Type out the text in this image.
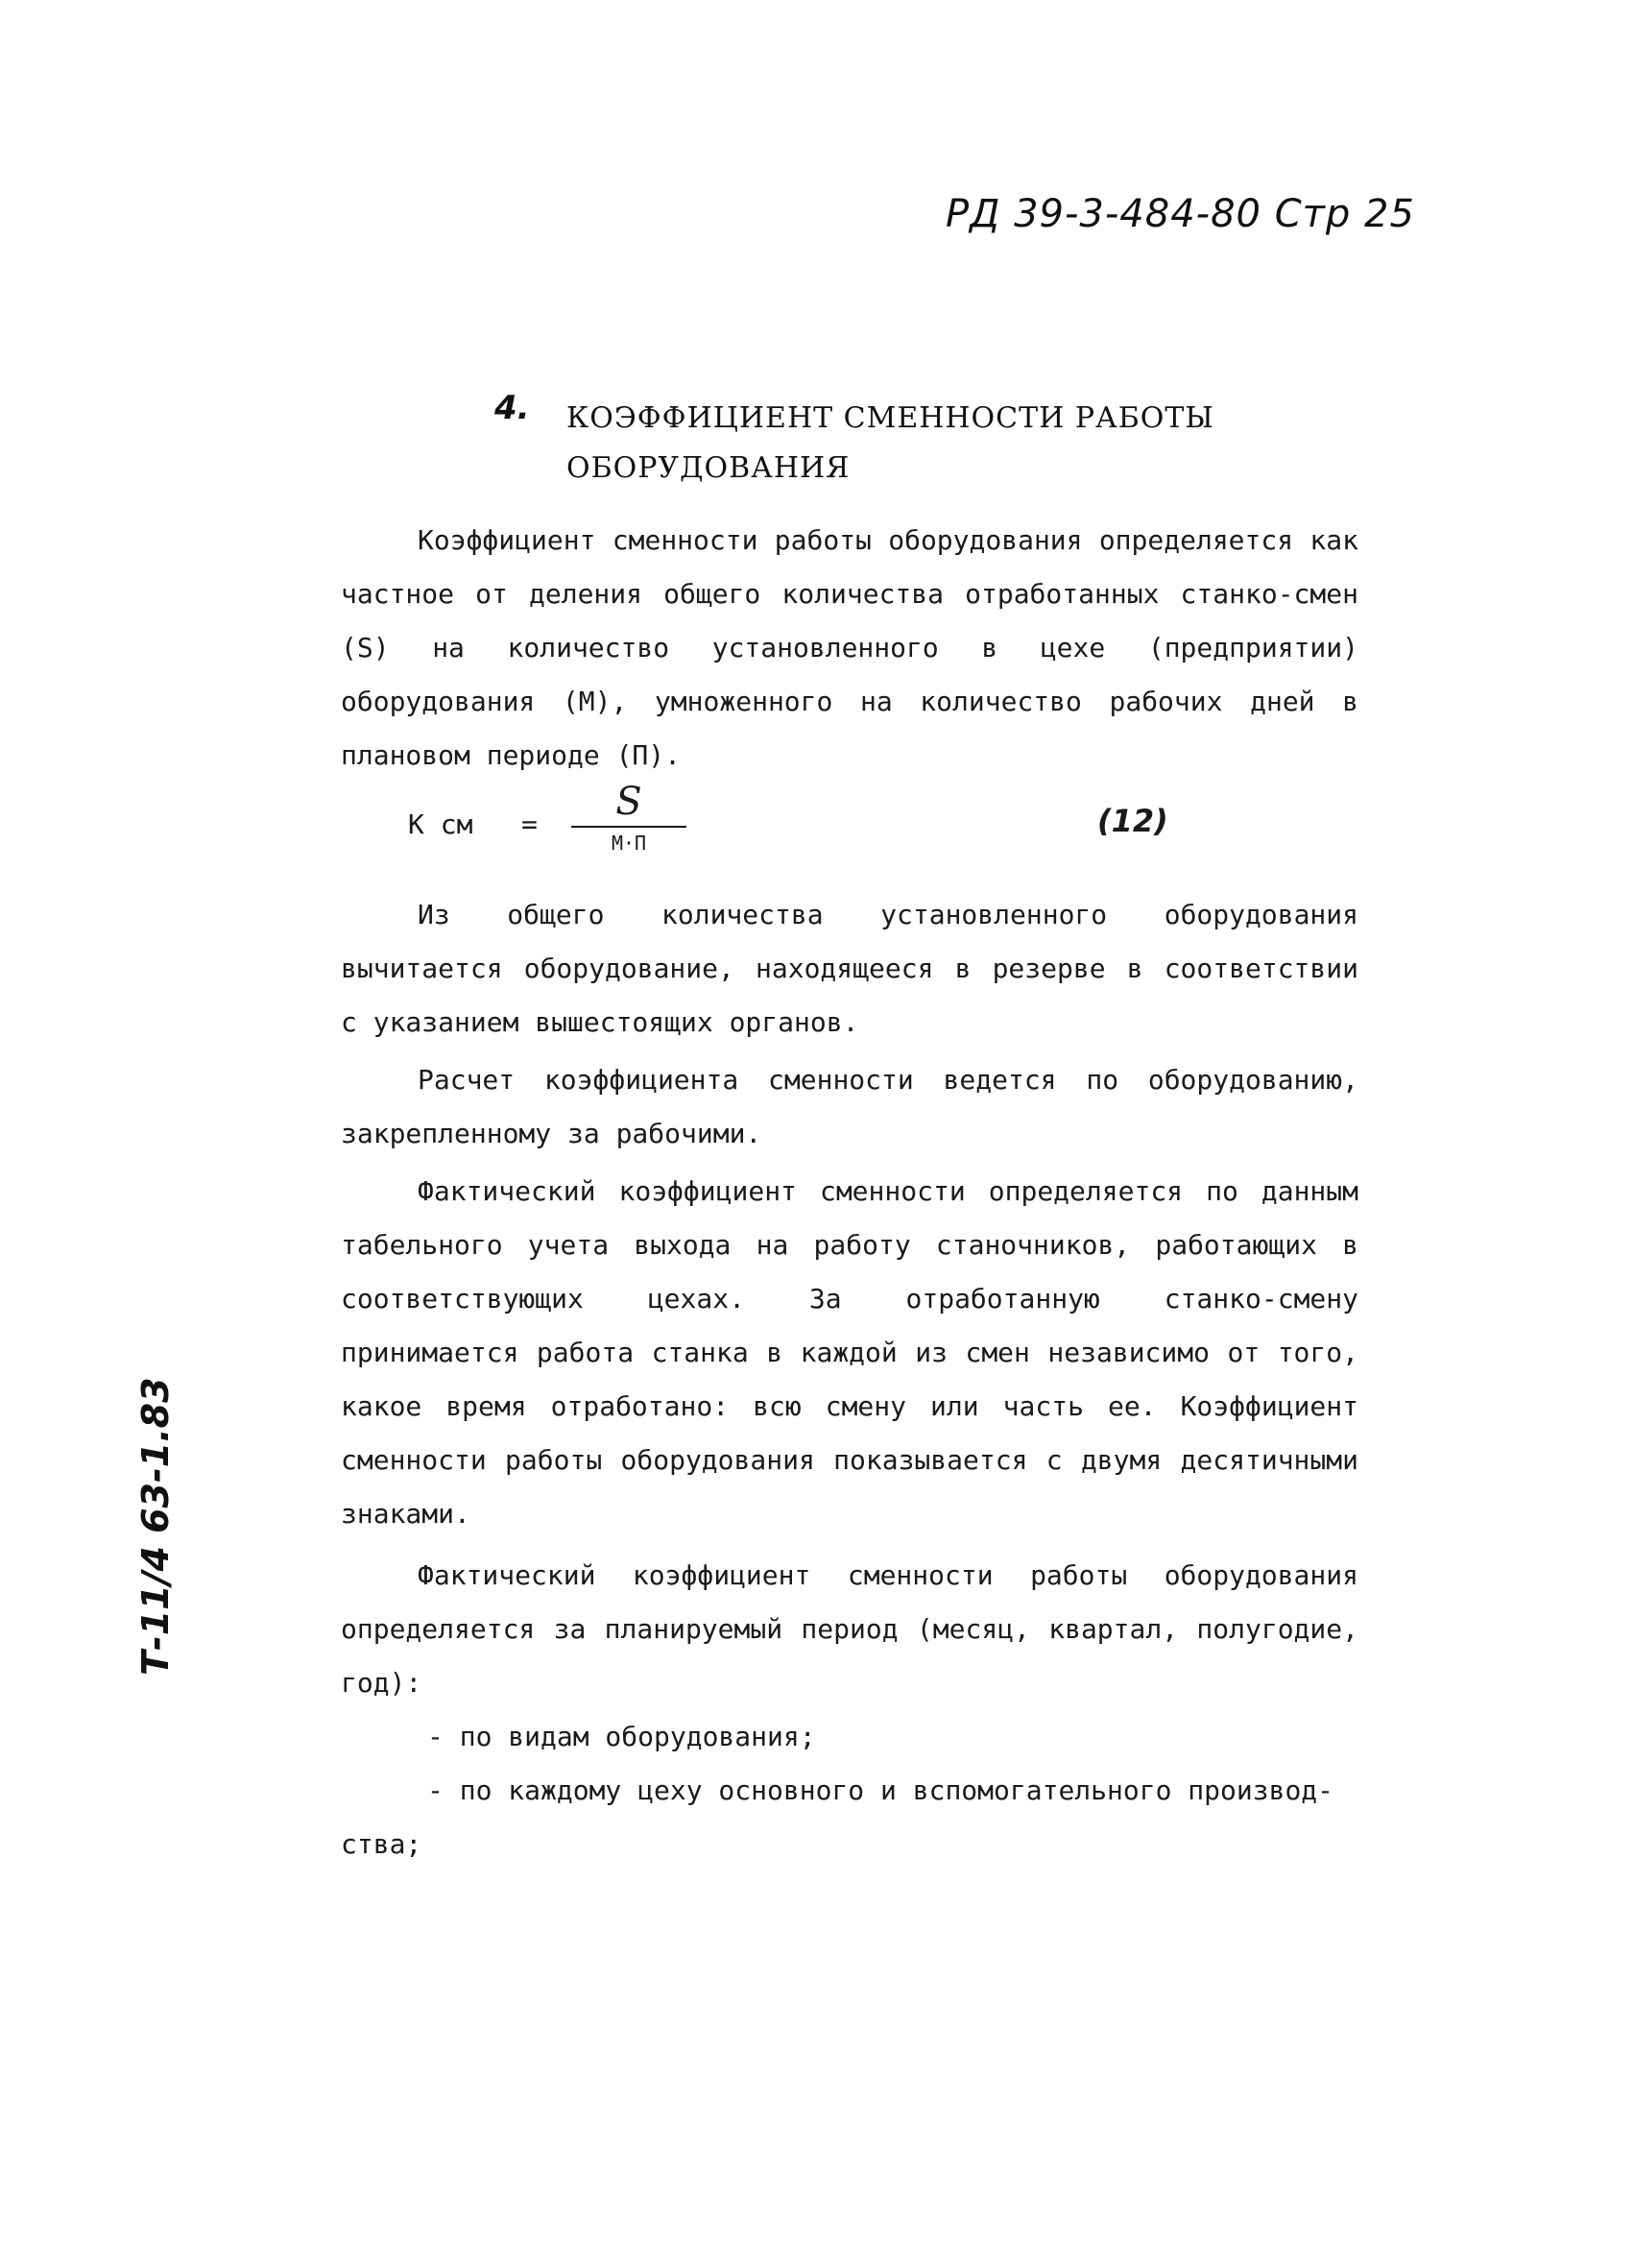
РД 39-3-484-80 Стр 25
4. КОЭФФИЦИЕНТ СМЕННОСТИ РАБОТЫ
ОБОРУДОВАНИЯ

Коэффициент сменности работы оборудования определяется как частное от деления общего количества отработанных станко-смен (S) на количество установленного в цехе (предприятии) оборудования (М), умноженного на количество рабочих дней в плановом периоде (П).

К см =
S
М·П
(12)

Из общего количества установленного оборудования вычитается оборудование, находящееся в резерве в соответствии с указанием вышестоящих органов.

Расчет коэффициента сменности ведется по оборудованию, закрепленному за рабочими.

Фактический коэффициент сменности определяется по данным табельного учета выхода на работу станочников, работающих в соответствующих цехах. За отработанную станко-смену принимается работа станка в каждой из смен независимо от того, какое время отработано: всю смену или часть ее. Коэффициент сменности работы оборудования показывается с двумя десятичными знаками.

Фактический коэффициент сменности работы оборудования определяется за планируемый период (месяц, квартал, полугодие, год):

- по видам оборудования;

- по каждому цеху основного и вспомогательного производ-

ства;

Т-11/4 63-1.83
